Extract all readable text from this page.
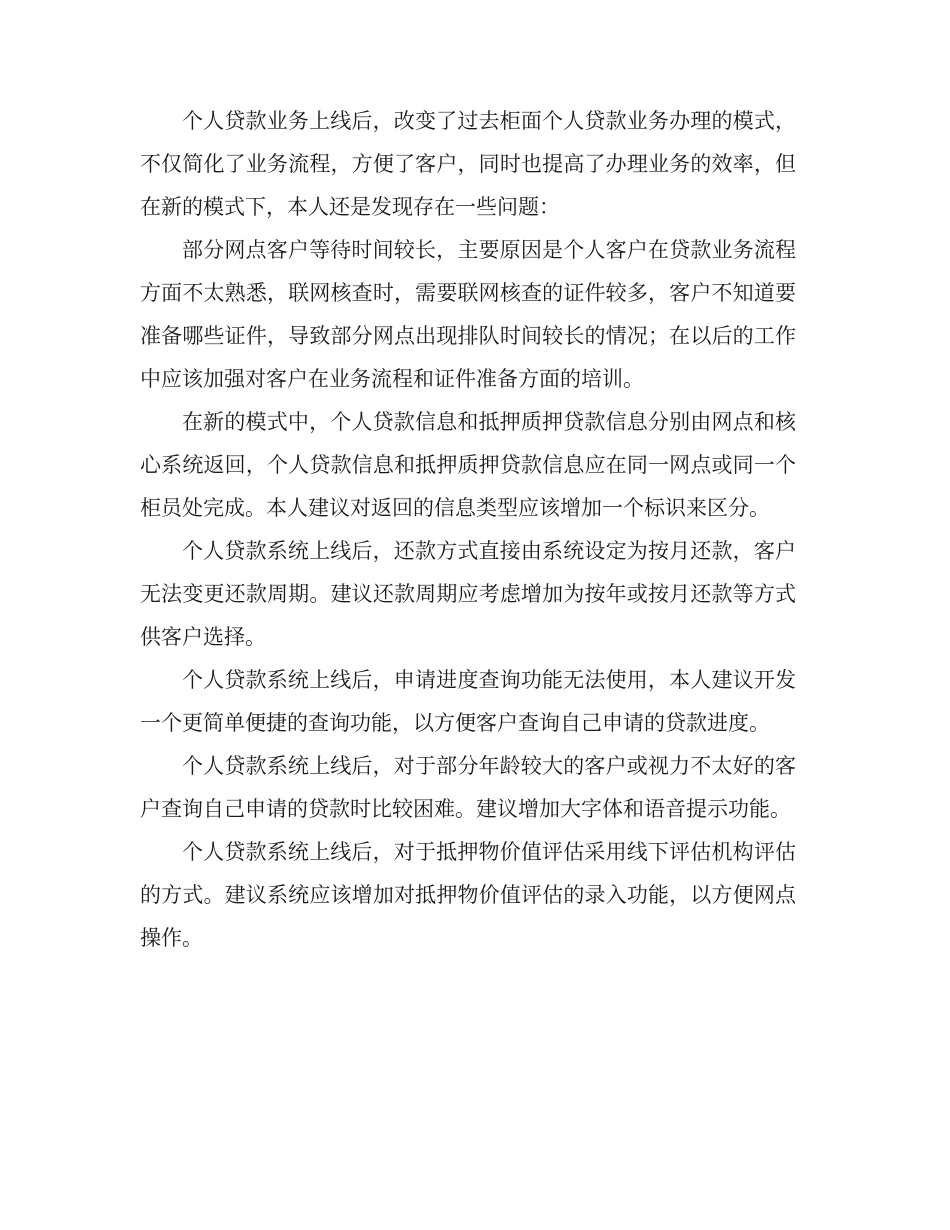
个人贷款业务上线后，改变了过去柜面个人贷款业务办理的模式，不仅简化了业务流程，方便了客户，同时也提高了办理业务的效率，但在新的模式下，本人还是发现存在一些问题：

部分网点客户等待时间较长，主要原因是个人客户在贷款业务流程方面不太熟悉，联网核查时，需要联网核查的证件较多，客户不知道要准备哪些证件，导致部分网点出现排队时间较长的情况；在以后的工作中应该加强对客户在业务流程和证件准备方面的培训。

在新的模式中，个人贷款信息和抵押质押贷款信息分别由网点和核心系统返回，个人贷款信息和抵押质押贷款信息应在同一网点或同一个柜员处完成。本人建议对返回的信息类型应该增加一个标识来区分。

个人贷款系统上线后，还款方式直接由系统设定为按月还款，客户无法变更还款周期。建议还款周期应考虑增加为按年或按月还款等方式供客户选择。

个人贷款系统上线后，申请进度查询功能无法使用，本人建议开发一个更简单便捷的查询功能，以方便客户查询自己申请的贷款进度。

个人贷款系统上线后，对于部分年龄较大的客户或视力不太好的客户查询自己申请的贷款时比较困难。建议增加大字体和语音提示功能。

个人贷款系统上线后，对于抵押物价值评估采用线下评估机构评估的方式。建议系统应该增加对抵押物价值评估的录入功能，以方便网点操作。
